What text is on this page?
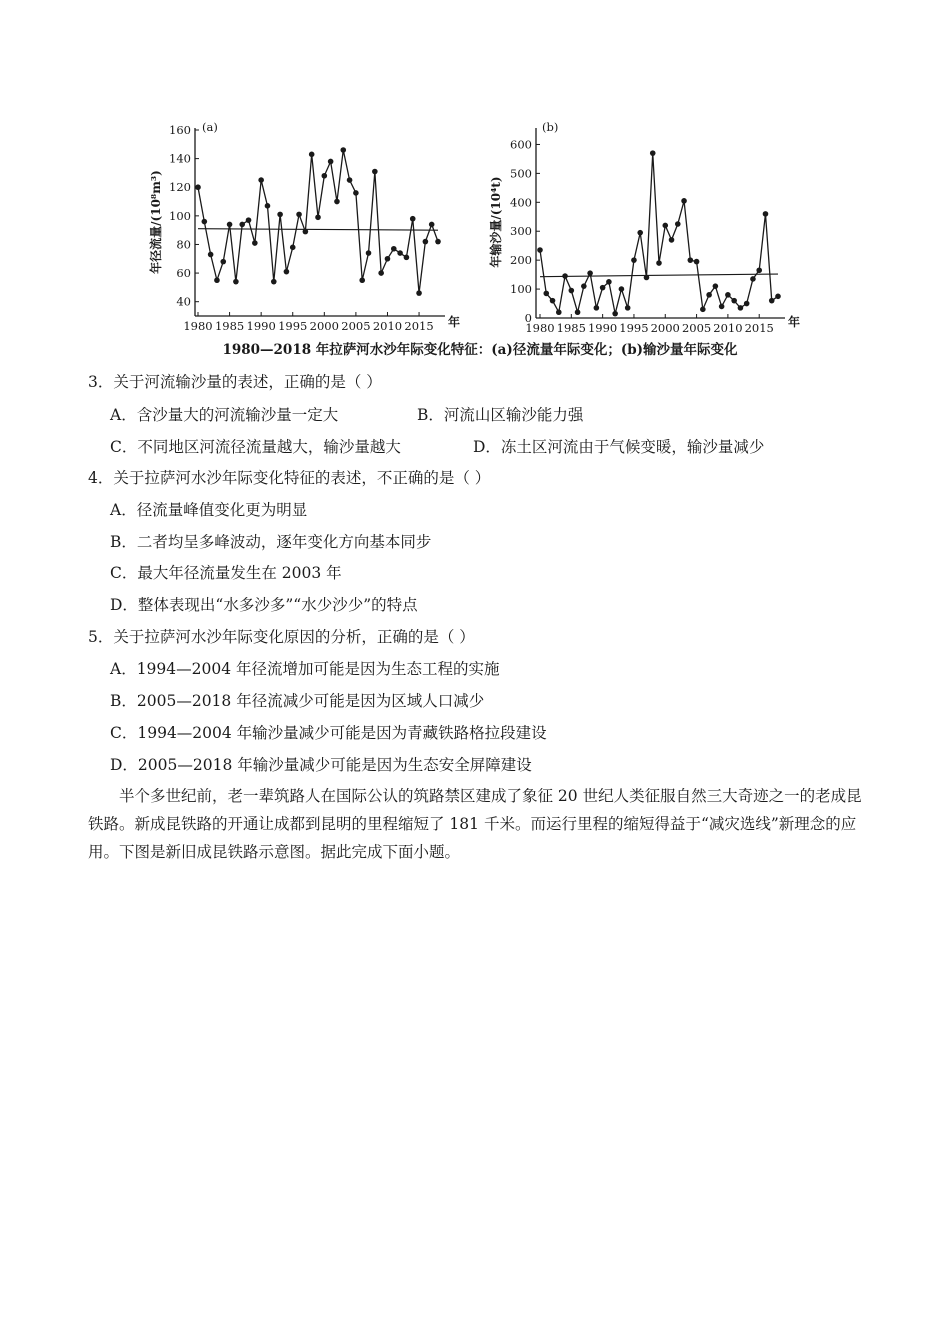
(a)
年径流量/(10⁸m³)
年
40
60
80
100
120
140
160
1980 1985 1990 1995 2000 2005 2010 2015
(b)
年输沙量/(10⁴t)
年
0
100
200
300
400
500
600
1980 1985 1990 1995 2000 2005 2010 2015
1980—2018 年拉萨河水沙年际变化特征：(a)径流量年际变化；(b)输沙量年际变化
3．关于河流输沙量的表述，正确的是（ ）
A．含沙量大的河流输沙量一定大	B．河流山区输沙能力强
C．不同地区河流径流量越大，输沙量越大	D．冻土区河流由于气候变暖，输沙量减少
4．关于拉萨河水沙年际变化特征的表述，不正确的是（ ）
A．径流量峰值变化更为明显
B．二者均呈多峰波动，逐年变化方向基本同步
C．最大年径流量发生在 2003 年
D．整体表现出“水多沙多”“水少沙少”的特点
5．关于拉萨河水沙年际变化原因的分析，正确的是（ ）
A．1994—2004 年径流增加可能是因为生态工程的实施
B．2005—2018 年径流减少可能是因为区域人口减少
C．1994—2004 年输沙量减少可能是因为青藏铁路格拉段建设
D．2005—2018 年输沙量减少可能是因为生态安全屏障建设
半个多世纪前，老一辈筑路人在国际公认的筑路禁区建成了象征 20 世纪人类征服自然三大奇迹之一的老成昆铁路。新成昆铁路的开通让成都到昆明的里程缩短了 181 千米。而运行里程的缩短得益于“减灾选线”新理念的应用。下图是新旧成昆铁路示意图。据此完成下面小题。
